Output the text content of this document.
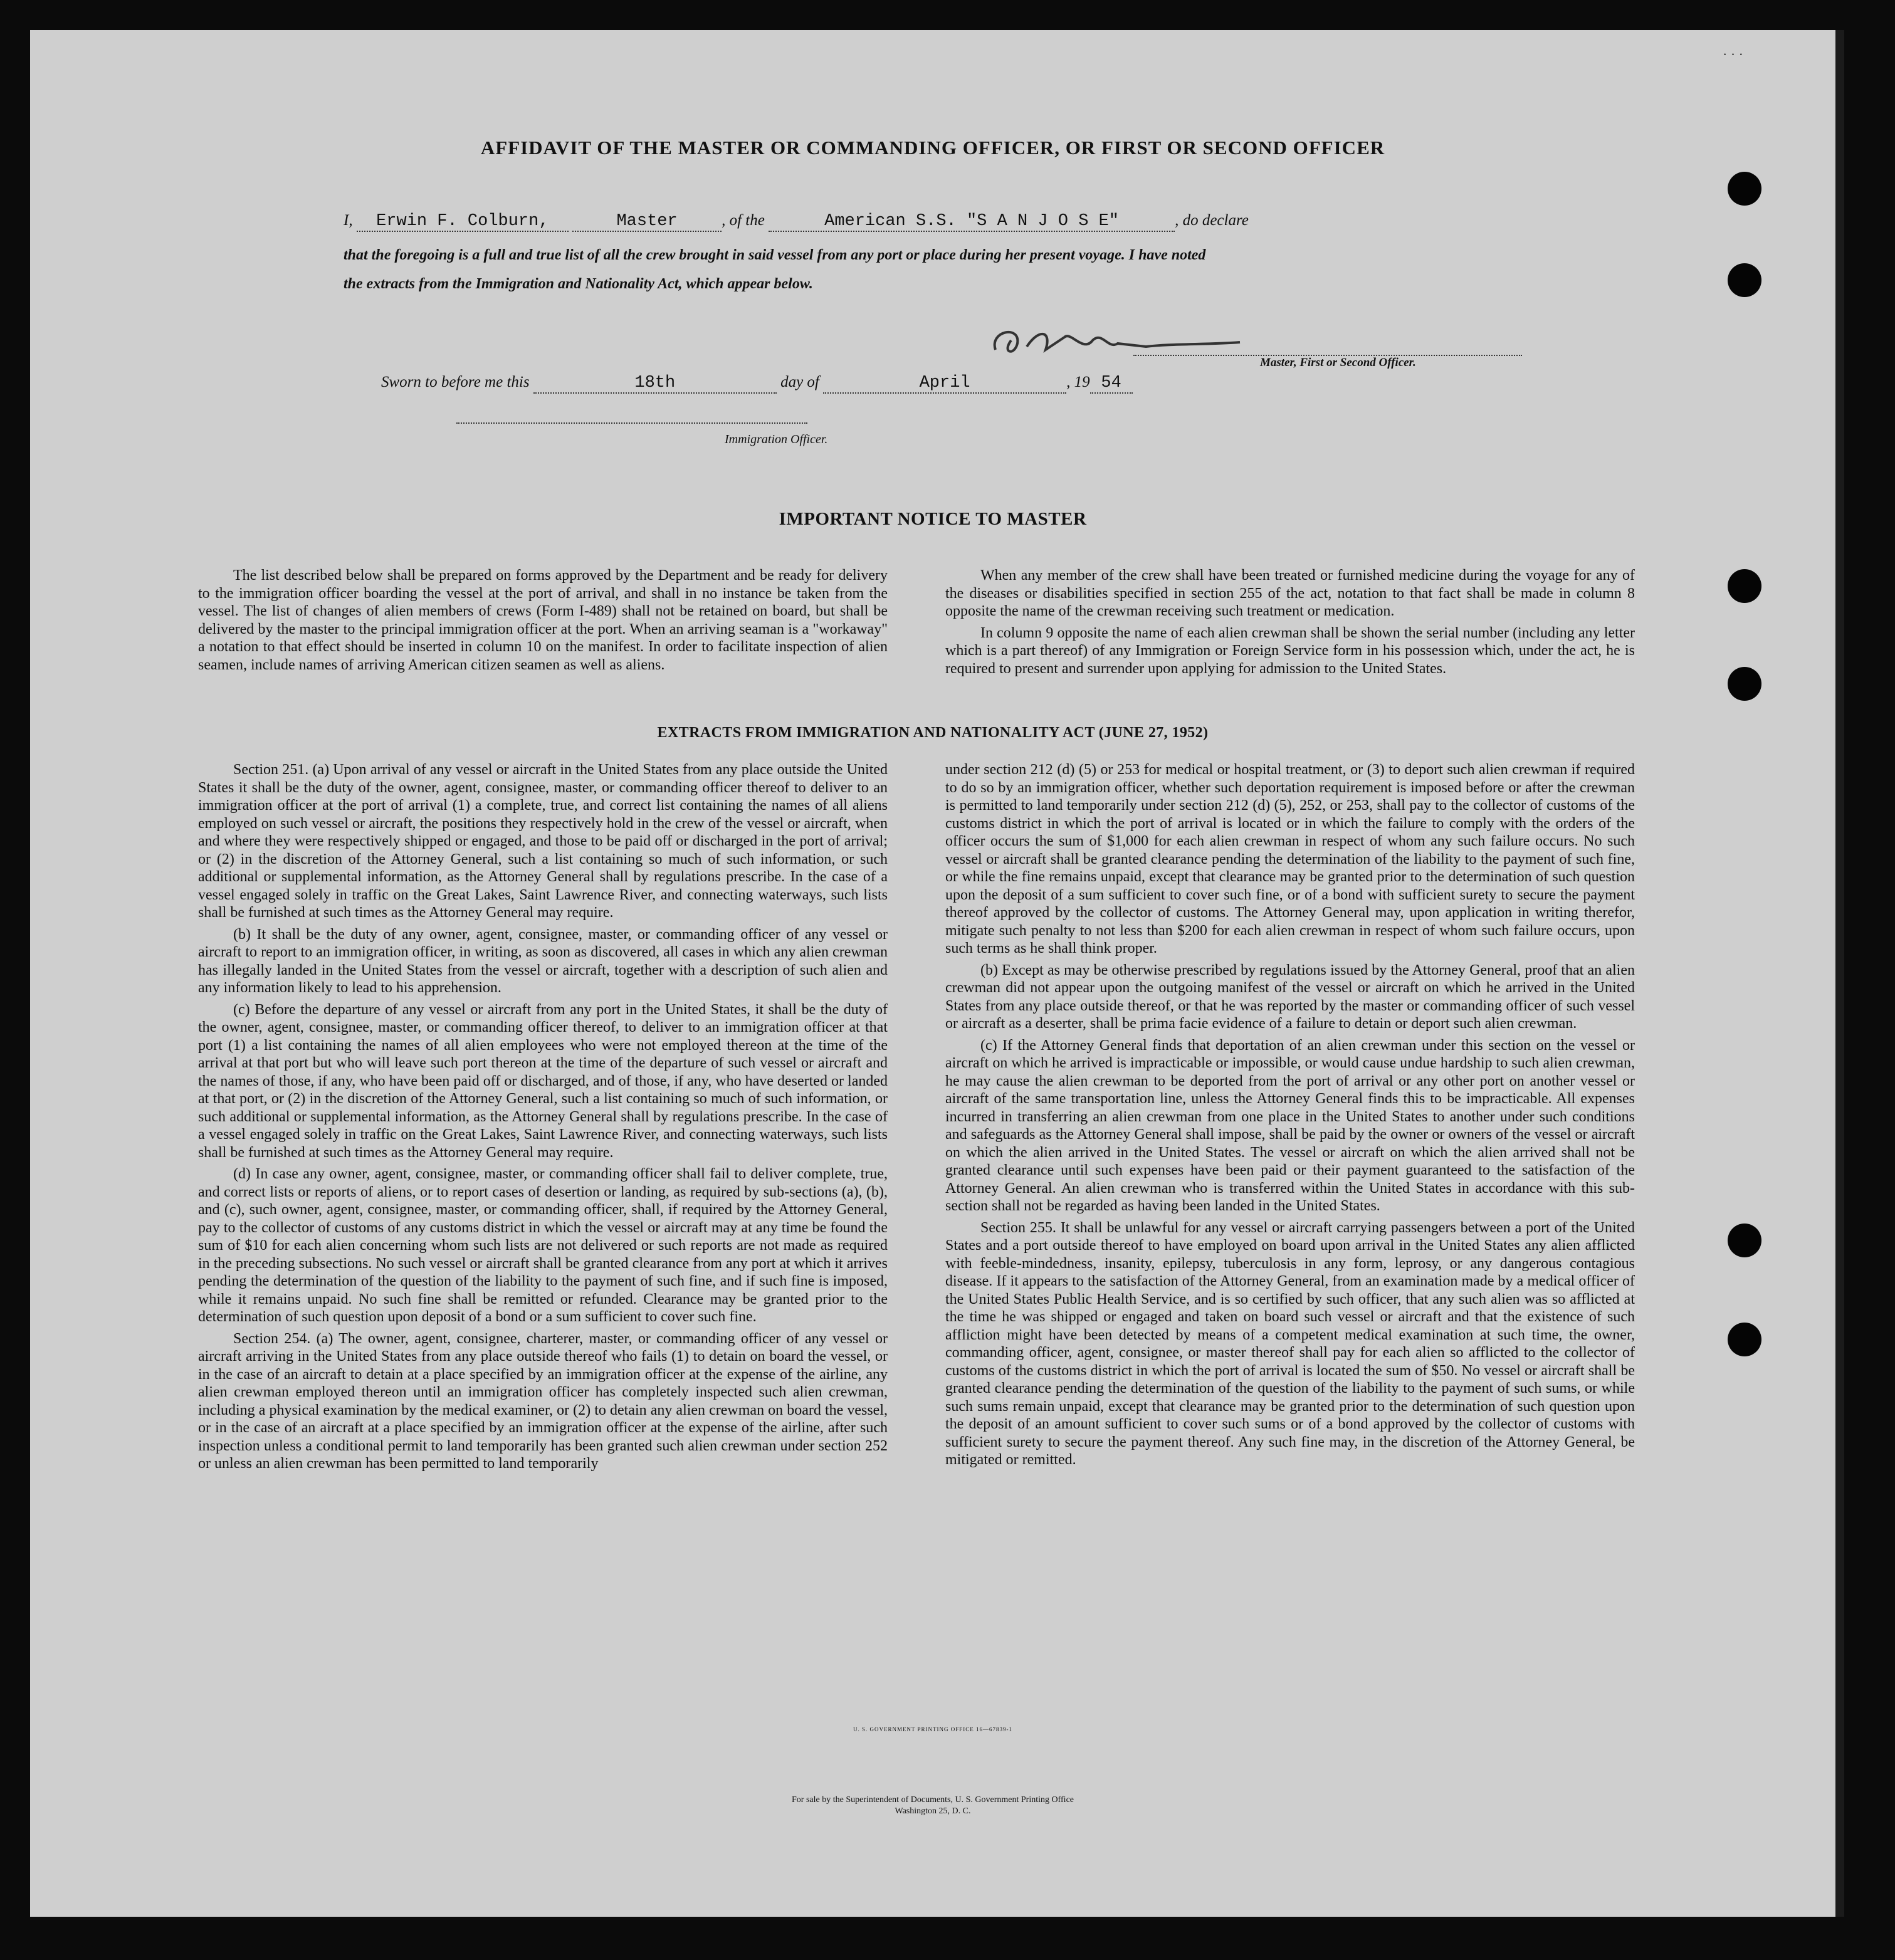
· · ·
AFFIDAVIT OF THE MASTER OR COMMANDING OFFICER, OR FIRST OR SECOND OFFICER
I, Erwin F. Colburn,	Master	, of the	American S.S. "S A N J O S E"	, do declare
that the foregoing is a full and true list of all the crew brought in said vessel from any port or place during her present voyage. I have noted
the extracts from the Immigration and Nationality Act, which appear below.
Master, First or Second Officer.
Sworn to before me this	18th	day of	April	, 19 54
Immigration Officer.
IMPORTANT NOTICE TO MASTER

The list described below shall be prepared on forms approved by the Department and be ready for delivery to the immigration officer boarding the vessel at the port of arrival, and shall in no instance be taken from the vessel. The list of changes of alien members of crews (Form I-489) shall not be retained on board, but shall be delivered by the master to the principal immigration officer at the port. When an arriving seaman is a "workaway" a notation to that effect should be inserted in column 10 on the manifest. In order to facilitate inspection of alien seamen, include names of arriving American citizen seamen as well as aliens.

When any member of the crew shall have been treated or furnished medicine during the voyage for any of the diseases or disabilities specified in section 255 of the act, notation to that fact shall be made in column 8 opposite the name of the crewman receiving such treatment or medication.

In column 9 opposite the name of each alien crewman shall be shown the serial number (including any letter which is a part thereof) of any Immigration or Foreign Service form in his possession which, under the act, he is required to present and surrender upon applying for admission to the United States.

EXTRACTS FROM IMMIGRATION AND NATIONALITY ACT (JUNE 27, 1952)

Section 251. (a) Upon arrival of any vessel or aircraft in the United States from any place outside the United States it shall be the duty of the owner, agent, consignee, master, or commanding officer thereof to deliver to an immigration officer at the port of arrival (1) a complete, true, and correct list containing the names of all aliens employed on such vessel or aircraft, the positions they respectively hold in the crew of the vessel or aircraft, when and where they were respectively shipped or engaged, and those to be paid off or discharged in the port of arrival; or (2) in the discretion of the Attorney General, such a list containing so much of such information, or such additional or supplemental information, as the Attorney General shall by regulations prescribe. In the case of a vessel engaged solely in traffic on the Great Lakes, Saint Lawrence River, and connecting waterways, such lists shall be furnished at such times as the Attorney General may require.

(b) It shall be the duty of any owner, agent, consignee, master, or commanding officer of any vessel or aircraft to report to an immigration officer, in writing, as soon as discovered, all cases in which any alien crewman has illegally landed in the United States from the vessel or aircraft, together with a description of such alien and any information likely to lead to his apprehension.

(c) Before the departure of any vessel or aircraft from any port in the United States, it shall be the duty of the owner, agent, consignee, master, or commanding officer thereof, to deliver to an immigration officer at that port (1) a list containing the names of all alien employees who were not employed thereon at the time of the arrival at that port but who will leave such port thereon at the time of the departure of such vessel or aircraft and the names of those, if any, who have been paid off or discharged, and of those, if any, who have deserted or landed at that port, or (2) in the discretion of the Attorney General, such a list containing so much of such information, or such additional or supplemental information, as the Attorney General shall by regulations prescribe. In the case of a vessel engaged solely in traffic on the Great Lakes, Saint Lawrence River, and connecting waterways, such lists shall be furnished at such times as the Attorney General may require.

(d) In case any owner, agent, consignee, master, or commanding officer shall fail to deliver complete, true, and correct lists or reports of aliens, or to report cases of desertion or landing, as required by sub-sections (a), (b), and (c), such owner, agent, consignee, master, or commanding officer, shall, if required by the Attorney General, pay to the collector of customs of any customs district in which the vessel or aircraft may at any time be found the sum of $10 for each alien concerning whom such lists are not delivered or such reports are not made as required in the preceding subsections. No such vessel or aircraft shall be granted clearance from any port at which it arrives pending the determination of the question of the liability to the payment of such fine, and if such fine is imposed, while it remains unpaid. No such fine shall be remitted or refunded. Clearance may be granted prior to the determination of such question upon deposit of a bond or a sum sufficient to cover such fine.

Section 254. (a) The owner, agent, consignee, charterer, master, or commanding officer of any vessel or aircraft arriving in the United States from any place outside thereof who fails (1) to detain on board the vessel, or in the case of an aircraft to detain at a place specified by an immigration officer at the expense of the airline, any alien crewman employed thereon until an immigration officer has completely inspected such alien crewman, including a physical examination by the medical examiner, or (2) to detain any alien crewman on board the vessel, or in the case of an aircraft at a place specified by an immigration officer at the expense of the airline, after such inspection unless a conditional permit to land temporarily has been granted such alien crewman under section 252 or unless an alien crewman has been permitted to land temporarily

under section 212 (d) (5) or 253 for medical or hospital treatment, or (3) to deport such alien crewman if required to do so by an immigration officer, whether such deportation requirement is imposed before or after the crewman is permitted to land temporarily under section 212 (d) (5), 252, or 253, shall pay to the collector of customs of the customs district in which the port of arrival is located or in which the failure to comply with the orders of the officer occurs the sum of $1,000 for each alien crewman in respect of whom any such failure occurs. No such vessel or aircraft shall be granted clearance pending the determination of the liability to the payment of such fine, or while the fine remains unpaid, except that clearance may be granted prior to the determination of such question upon the deposit of a sum sufficient to cover such fine, or of a bond with sufficient surety to secure the payment thereof approved by the collector of customs. The Attorney General may, upon application in writing therefor, mitigate such penalty to not less than $200 for each alien crewman in respect of whom such failure occurs, upon such terms as he shall think proper.

(b) Except as may be otherwise prescribed by regulations issued by the Attorney General, proof that an alien crewman did not appear upon the outgoing manifest of the vessel or aircraft on which he arrived in the United States from any place outside thereof, or that he was reported by the master or commanding officer of such vessel or aircraft as a deserter, shall be prima facie evidence of a failure to detain or deport such alien crewman.

(c) If the Attorney General finds that deportation of an alien crewman under this section on the vessel or aircraft on which he arrived is impracticable or impossible, or would cause undue hardship to such alien crewman, he may cause the alien crewman to be deported from the port of arrival or any other port on another vessel or aircraft of the same transportation line, unless the Attorney General finds this to be impracticable. All expenses incurred in transferring an alien crewman from one place in the United States to another under such conditions and safeguards as the Attorney General shall impose, shall be paid by the owner or owners of the vessel or aircraft on which the alien arrived in the United States. The vessel or aircraft on which the alien arrived shall not be granted clearance until such expenses have been paid or their payment guaranteed to the satisfaction of the Attorney General. An alien crewman who is transferred within the United States in accordance with this sub-section shall not be regarded as having been landed in the United States.

Section 255. It shall be unlawful for any vessel or aircraft carrying passengers between a port of the United States and a port outside thereof to have employed on board upon arrival in the United States any alien afflicted with feeble-mindedness, insanity, epilepsy, tuberculosis in any form, leprosy, or any dangerous contagious disease. If it appears to the satisfaction of the Attorney General, from an examination made by a medical officer of the United States Public Health Service, and is so certified by such officer, that any such alien was so afflicted at the time he was shipped or engaged and taken on board such vessel or aircraft and that the existence of such affliction might have been detected by means of a competent medical examination at such time, the owner, commanding officer, agent, consignee, or master thereof shall pay for each alien so afflicted to the collector of customs of the customs district in which the port of arrival is located the sum of $50. No vessel or aircraft shall be granted clearance pending the determination of the question of the liability to the payment of such sums, or while such sums remain unpaid, except that clearance may be granted prior to the determination of such question upon the deposit of an amount sufficient to cover such sums or of a bond approved by the collector of customs with sufficient surety to secure the payment thereof. Any such fine may, in the discretion of the Attorney General, be mitigated or remitted.

U. S. GOVERNMENT PRINTING OFFICE 16—67839-1
For sale by the Superintendent of Documents, U. S. Government Printing Office
Washington 25, D. C.
